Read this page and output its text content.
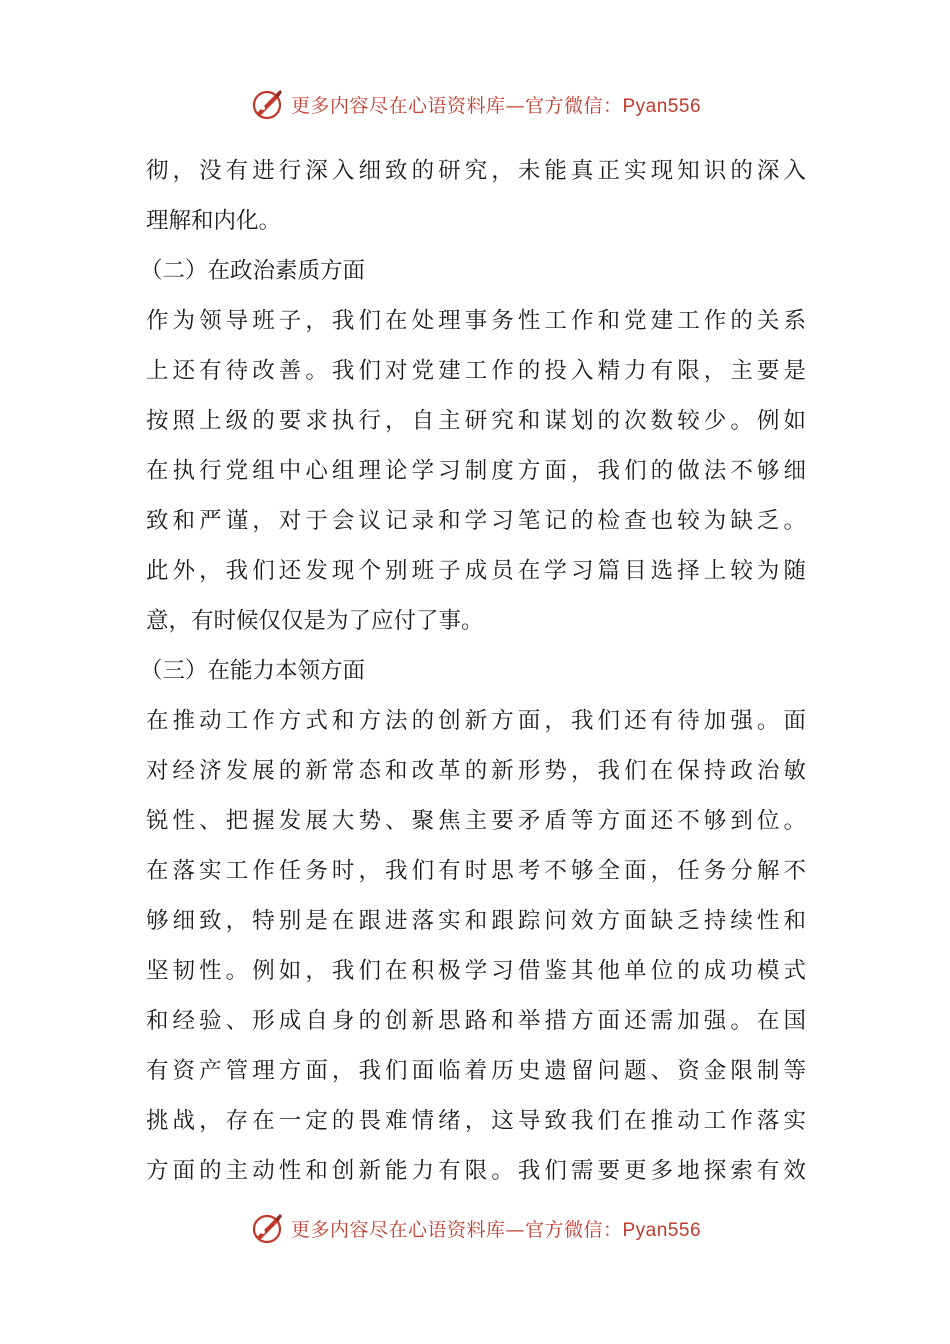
更多内容尽在心语资料库—官方微信：Pyan556
彻，没有进行深入细致的研究，未能真正实现知识的深入
理解和内化。
（二）在政治素质方面
作为领导班子，我们在处理事务性工作和党建工作的关系
上还有待改善。我们对党建工作的投入精力有限，主要是
按照上级的要求执行，自主研究和谋划的次数较少。例如
在执行党组中心组理论学习制度方面，我们的做法不够细
致和严谨，对于会议记录和学习笔记的检查也较为缺乏。
此外，我们还发现个别班子成员在学习篇目选择上较为随
意，有时候仅仅是为了应付了事。
（三）在能力本领方面
在推动工作方式和方法的创新方面，我们还有待加强。面
对经济发展的新常态和改革的新形势，我们在保持政治敏
锐性、把握发展大势、聚焦主要矛盾等方面还不够到位。
在落实工作任务时，我们有时思考不够全面，任务分解不
够细致，特别是在跟进落实和跟踪问效方面缺乏持续性和
坚韧性。例如，我们在积极学习借鉴其他单位的成功模式
和经验、形成自身的创新思路和举措方面还需加强。在国
有资产管理方面，我们面临着历史遗留问题、资金限制等
挑战，存在一定的畏难情绪，这导致我们在推动工作落实
方面的主动性和创新能力有限。我们需要更多地探索有效
更多内容尽在心语资料库—官方微信：Pyan556
